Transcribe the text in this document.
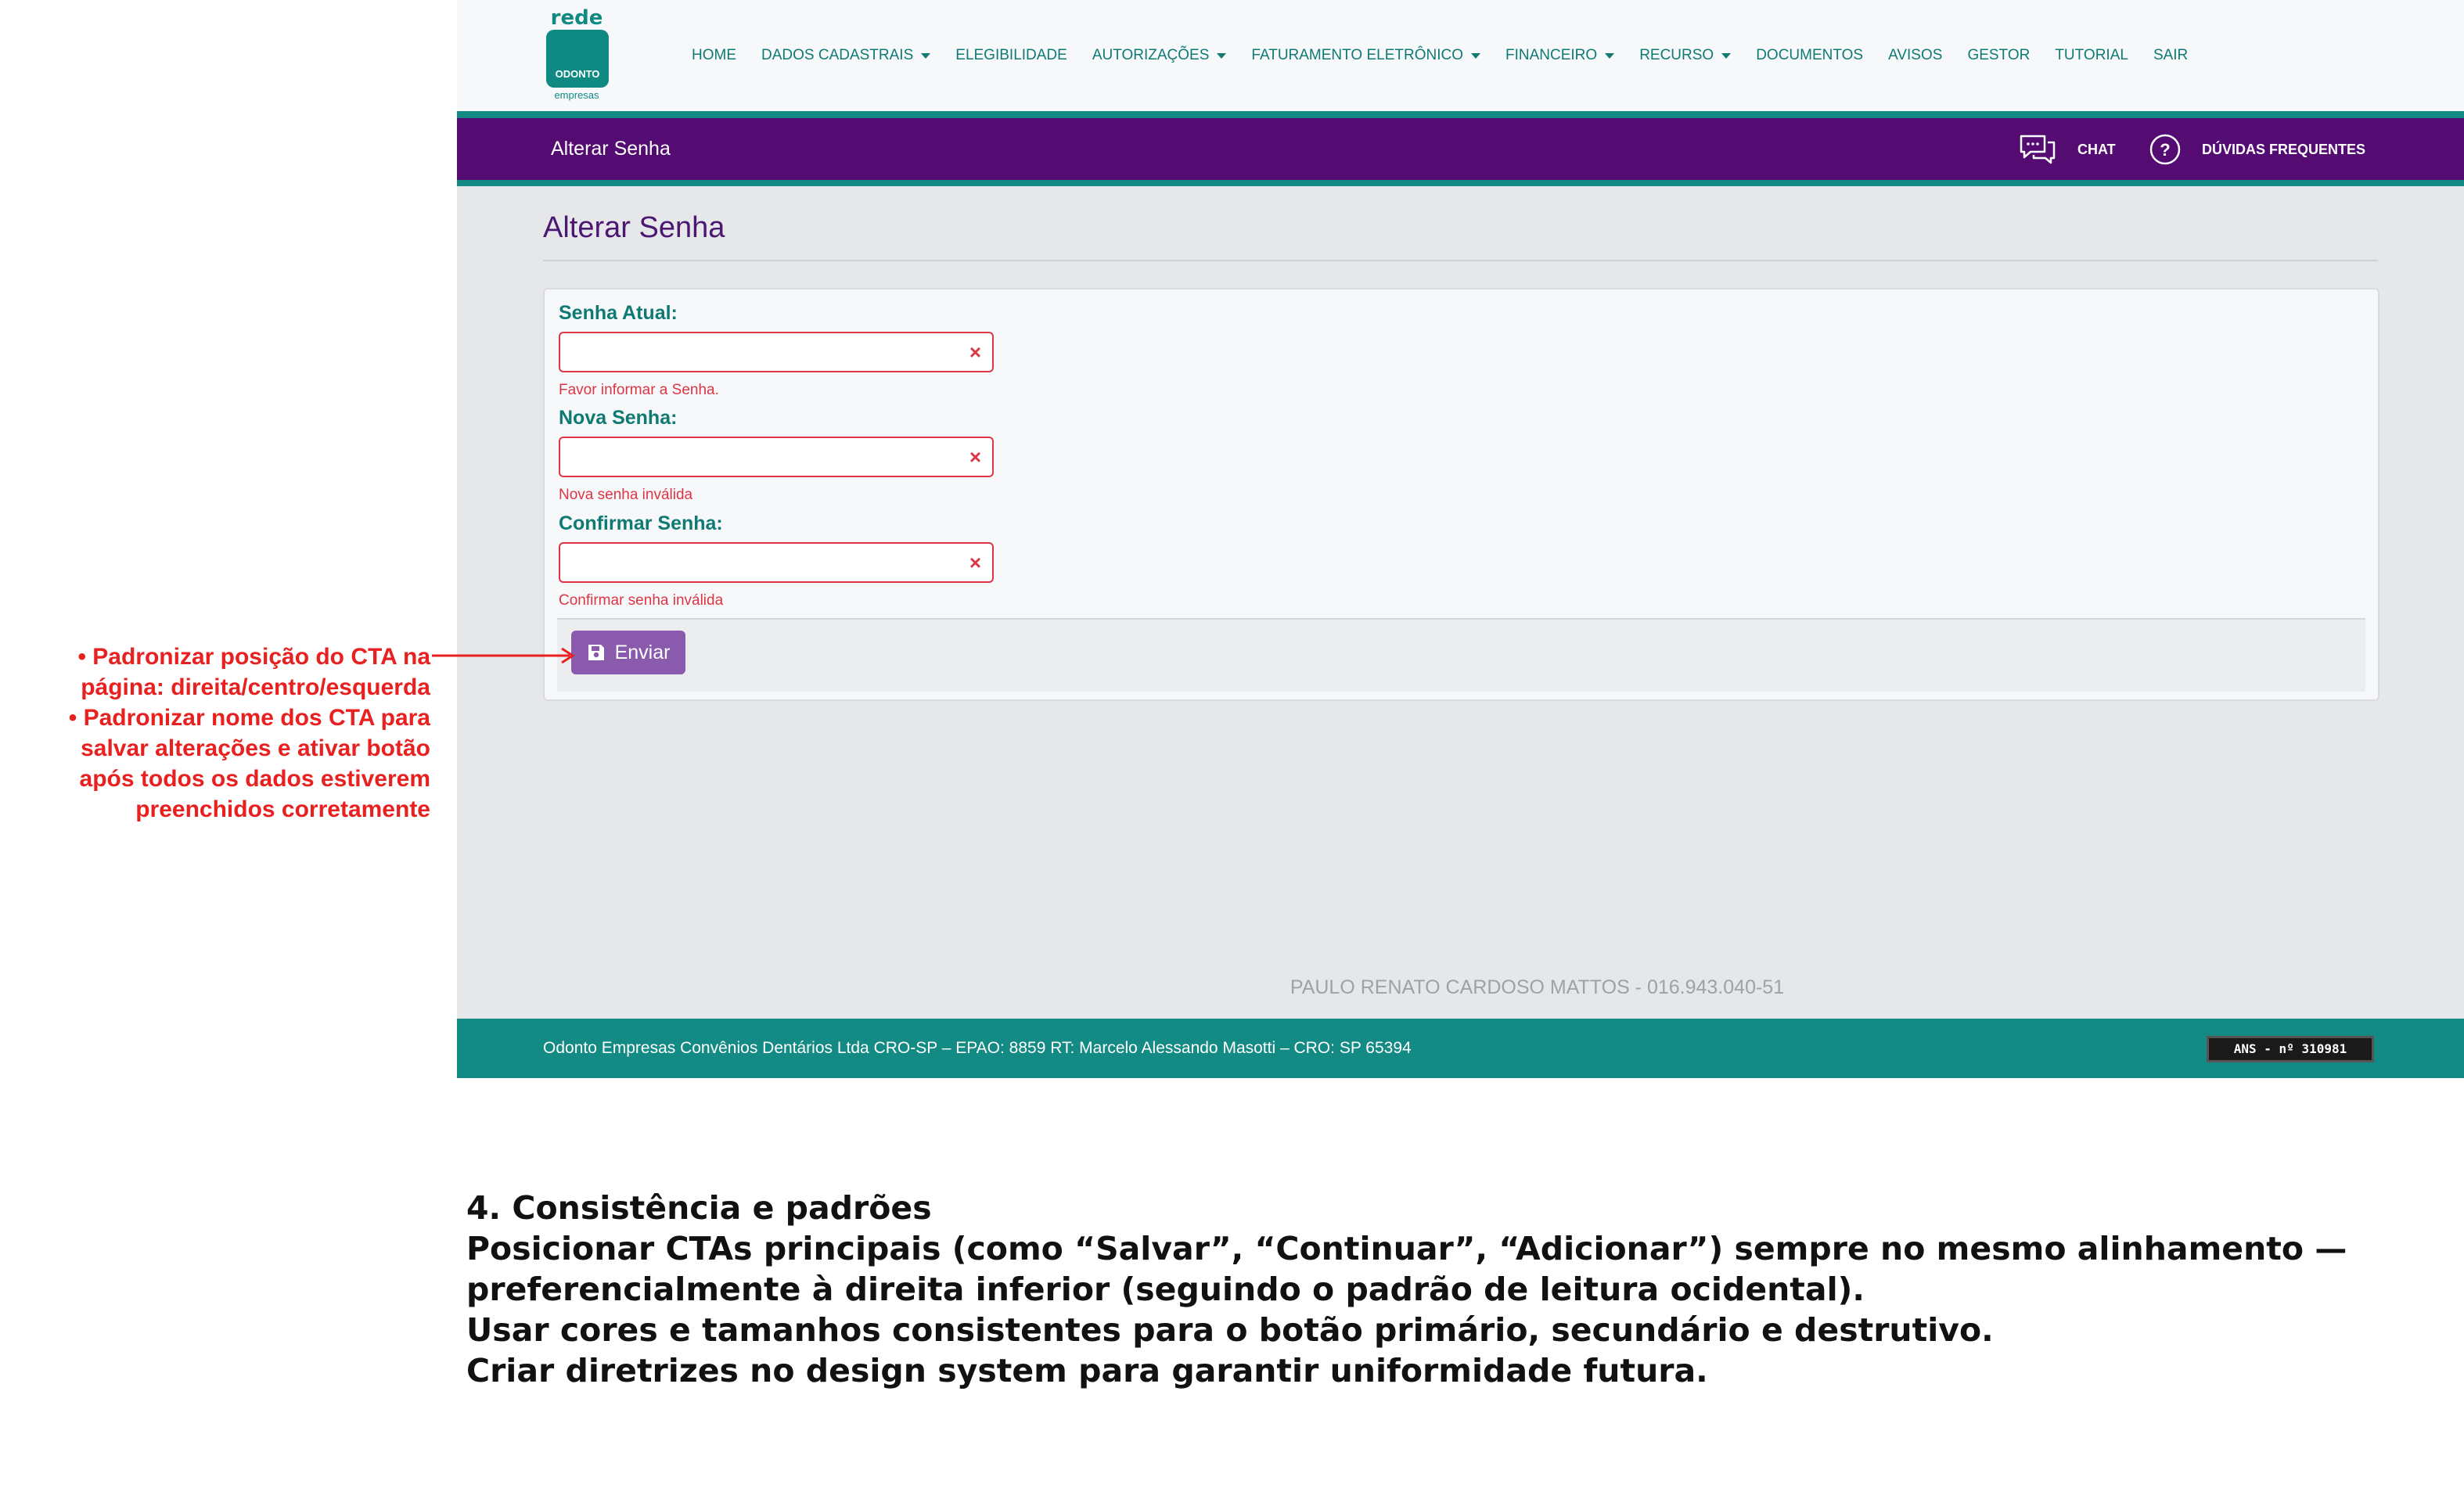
rede
ODONTO
empresas
HOME DADOS CADASTRAIS	ELEGIBILIDADE AUTORIZAÇÕES	FATURAMENTO ELETRÔNICO	FINANCEIRO	RECURSO	DOCUMENTOS AVISOS GESTOR TUTORIAL SAIR
Alterar Senha	CHAT	? DÚVIDAS FREQUENTES
Alterar Senha
Senha Atual:
×
Favor informar a Senha.
Nova Senha:
×
Nova senha inválida
Confirmar Senha:
×
Confirmar senha inválida
Enviar
PAULO RENATO CARDOSO MATTOS - 016.943.040-51
Odonto Empresas Convênios Dentários Ltda CRO-SP – EPAO: 8859 RT: Marcelo Alessando Masotti – CRO: SP 65394	ANS - nº 310981
• Padronizar posição do CTA na página: direita/centro/esquerda
• Padronizar nome dos CTA para salvar alterações e ativar botão após todos os dados estiverem preenchidos corretamente

4. Consistência e padrões

Posicionar CTAs principais (como “Salvar”, “Continuar”, “Adicionar”) sempre no mesmo alinhamento — preferencialmente à direita inferior (seguindo o padrão de leitura ocidental).

Usar cores e tamanhos consistentes para o botão primário, secundário e destrutivo.

Criar diretrizes no design system para garantir uniformidade futura.
